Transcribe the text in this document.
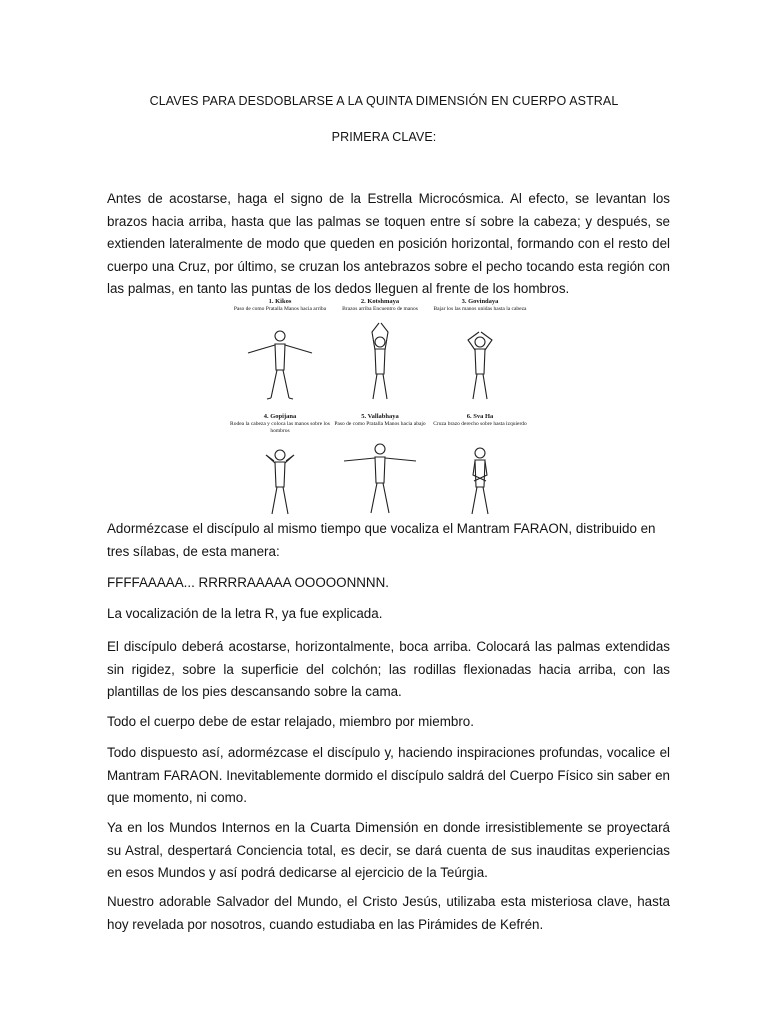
CLAVES PARA DESDOBLARSE A LA QUINTA DIMENSIÓN EN CUERPO ASTRAL
PRIMERA CLAVE:
Antes de acostarse, haga el signo de la Estrella Microcósmica. Al efecto, se levantan los brazos hacia arriba, hasta que las palmas se toquen entre sí sobre la cabeza; y después, se extienden lateralmente de modo que queden en posición horizontal, formando con el resto del cuerpo una Cruz, por último, se cruzan los antebrazos sobre el pecho tocando esta región con las palmas, en tanto las puntas de los dedos lleguen al frente de los hombros.
1. Kikos
Paso de como Pratalla Manos hacia arriba
2. Kotshmaya
Brazos arriba Encuentro de manos
3. Govindaya
Bajar los las manos unidas hasta la cabeza
4. Gopijana
Rodea la cabeza y coloca las manos sobre los hombros
5. Vallabhaya
Paso de como Pratalla Manos hacia abajo
6. Sva Ha
Cruza brazo derecho sobre hasta izquierdo
Adormézcase el discípulo al mismo tiempo que vocaliza el Mantram FARAON, distribuido en tres sílabas, de esta manera:
FFFFAAAAA... RRRRRAAAAA OOOOONNNN.
La vocalización de la letra R, ya fue explicada.
El discípulo deberá acostarse, horizontalmente, boca arriba. Colocará las palmas extendidas sin rigidez, sobre la superficie del colchón; las rodillas flexionadas hacia arriba, con las plantillas de los pies descansando sobre la cama.
Todo el cuerpo debe de estar relajado, miembro por miembro.
Todo dispuesto así, adormézcase el discípulo y, haciendo inspiraciones profundas, vocalice el Mantram FARAON. Inevitablemente dormido el discípulo saldrá del Cuerpo Físico sin saber en que momento, ni como.
Ya en los Mundos Internos en la Cuarta Dimensión en donde irresistiblemente se proyectará su Astral, despertará Conciencia total, es decir, se dará cuenta de sus inauditas experiencias en esos Mundos y así podrá dedicarse al ejercicio de la Teúrgia.
Nuestro adorable Salvador del Mundo, el Cristo Jesús, utilizaba esta misteriosa clave, hasta hoy revelada por nosotros, cuando estudiaba en las Pirámides de Kefrén.
